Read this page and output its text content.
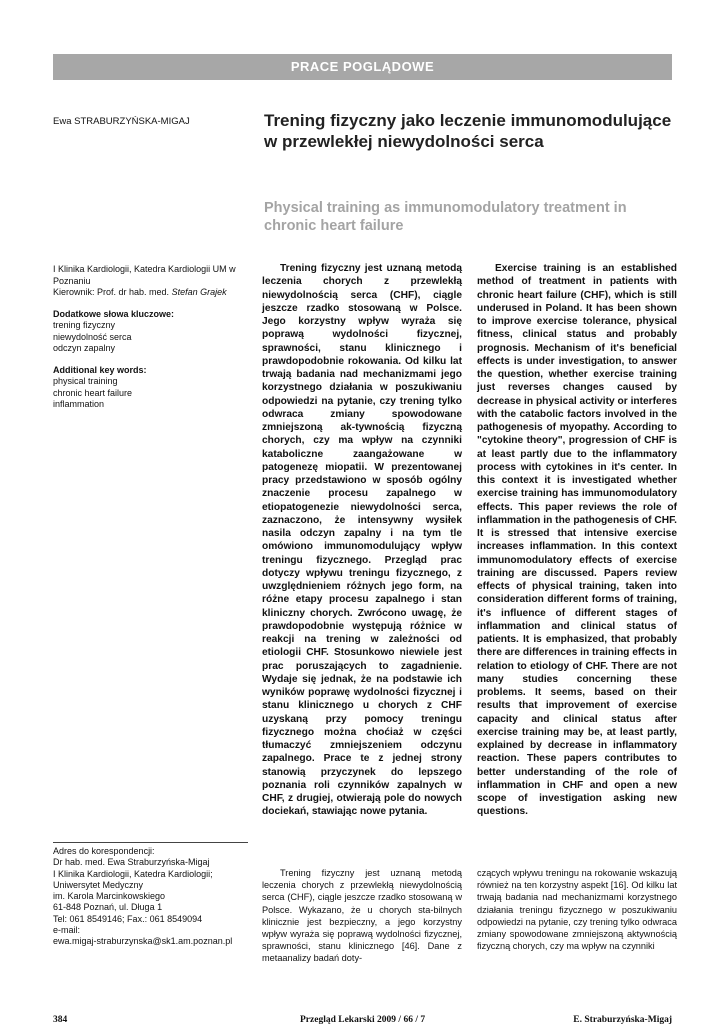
PRACE POGLĄDOWE
Ewa STRABURZYŃSKA-MIGAJ	Trening fizyczny jako leczenie immunomodulujące w przewlekłej niewydolności serca
Physical training as immunomodulatory treatment in chronic heart failure
I Klinika Kardiologii, Katedra Kardiologii UM w Poznaniu
Kierownik: Prof. dr hab. med. Stefan Grajek
Dodatkowe słowa kluczowe:
trening fizyczny
niewydolność serca
odczyn zapalny
Additional key words:
physical training
chronic heart failure
inflammation

Trening fizyczny jest uznaną metodą leczenia chorych z przewlekłą niewydolnością serca (CHF), ciągle jeszcze rzadko stosowaną w Polsce. Jego korzystny wpływ wyraża się poprawą wydolności fizycznej, sprawności, stanu klinicznego i prawdopodobnie rokowania. Od kilku lat trwają badania nad mechanizmami jego korzystnego działania w poszukiwaniu odpowiedzi na pytanie, czy trening tylko odwraca zmiany spowodowane zmniejszoną ak-tywnością fizyczną chorych, czy ma wpływ na czynniki kataboliczne zaangażowane w patogenezę miopatii. W prezentowanej pracy przedstawiono w sposób ogólny znaczenie procesu zapalnego w etiopatogenezie niewydolności serca, zaznaczono, że intensywny wysiłek nasila odczyn zapalny i na tym tle omówiono immunomodulujący wpływ treningu fizycznego. Przegląd prac dotyczy wpływu treningu fizycznego, z uwzględnieniem różnych jego form, na różne etapy procesu zapalnego i stan kliniczny chorych. Zwrócono uwagę, że prawdopodobnie występują różnice w reakcji na trening w zależności od etiologii CHF. Stosunkowo niewiele jest prac poruszających to zagadnienie. Wydaje się jednak, że na podstawie ich wyników poprawę wydolności fizycznej i stanu klinicznego u chorych z CHF uzyskaną przy pomocy treningu fizycznego można choćiaż w części tłumaczyć zmniejszeniem odczynu zapalnego. Prace te z jednej strony stanowią przyczynek do lepszego poznania roli czynników zapalnych w CHF, z drugiej, otwierają pole do nowych dociekań, stawiając nowe pytania.

Exercise training is an established method of treatment in patients with chronic heart failure (CHF), which is still underused in Poland. It has been shown to improve exercise tolerance, physical fitness, clinical status and probably prognosis. Mechanism of it's beneficial effects is under investigation, to answer the question, whether exercise training just reverses changes caused by decrease in physical activity or interferes with the catabolic factors involved in the pathogenesis of myopathy. According to "cytokine theory", progression of CHF is at least partly due to the inflammatory process with cytokines in it's center. In this context it is investigated whether exercise training has immunomodulatory effects. This paper reviews the role of inflammation in the pathogenesis of CHF. It is stressed that intensive exercise increases inflammation. In this context immunomodulatory effects of exercise training are discussed. Papers review effects of physical training, taken into consideration different forms of training, it's influence of different stages of inflammation and clinical status of patients. It is emphasized, that probably there are differences in training effects in relation to etiology of CHF. There are not many studies concerning these problems. It seems, based on their results that improvement of exercise capacity and clinical status after exercise training may be, at least partly, explained by decrease in inflammatory reaction. These papers contributes to better understanding of the role of inflammation in CHF and open a new scope of investigation asking new questions.

Adres do korespondencji:
Dr hab. med. Ewa Straburzyńska-Migaj
I Klinika Kardiologii, Katedra Kardiologii;
Uniwersytet Medyczny
im. Karola Marcinkowskiego
61-848 Poznań, ul. Długa 1
Tel: 061 8549146; Fax.: 061 8549094
e-mail:
ewa.migaj-straburzynska@sk1.am.poznan.pl

Trening fizyczny jest uznaną metodą leczenia chorych z przewlekłą niewydolnością serca (CHF), ciągle jeszcze rzadko stosowaną w Polsce. Wykazano, że u chorych sta-bilnych klinicznie jest bezpieczny, a jego korzystny wpływ wyraża się poprawą wydolności fizycznej, sprawności, stanu klinicznego [46]. Dane z metaanalizy badań doty-

czących wpływu treningu na rokowanie wskazują również na ten korzystny aspekt [16]. Od kilku lat trwają badania nad mechanizmami korzystnego działania treningu fizycznego w poszukiwaniu odpowiedzi na pytanie, czy trening tylko odwraca zmiany spowodowane zmniejszoną aktywnością fizyczną chorych, czy ma wpływ na czynniki

384	Przegląd Lekarski 2009 / 66 / 7	E. Straburzyńska-Migaj
